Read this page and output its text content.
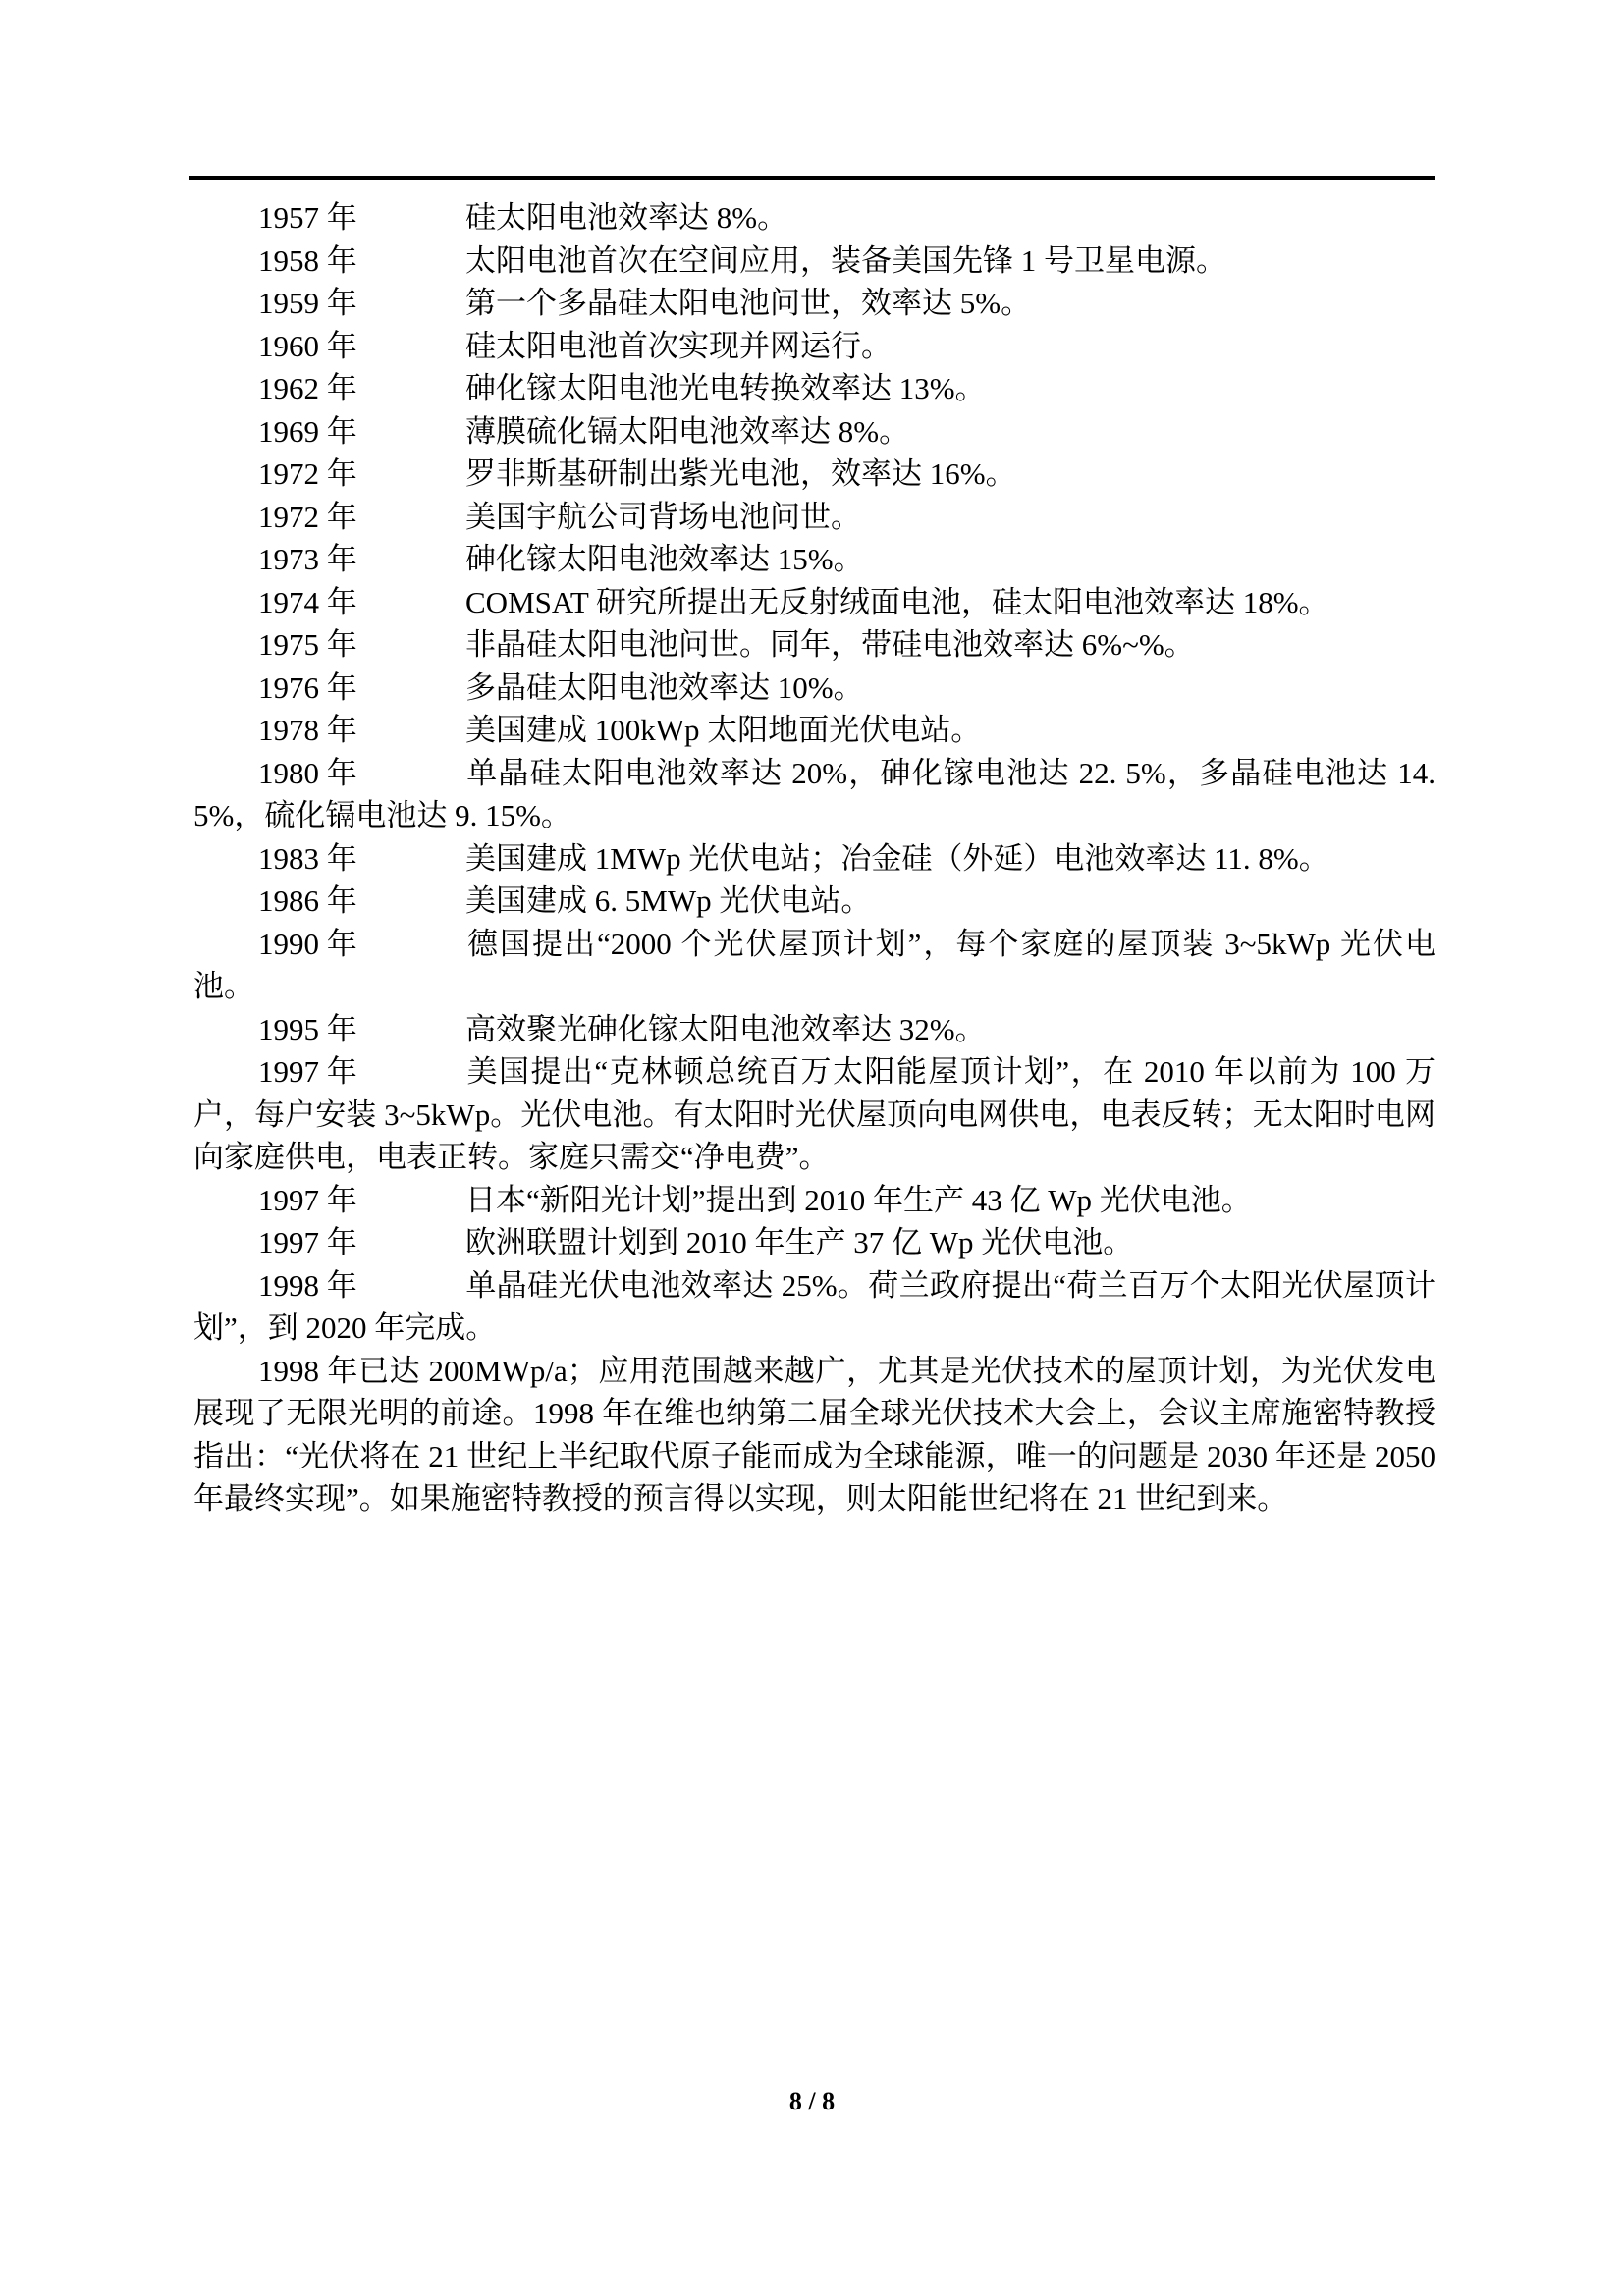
1957 年	硅太阳电池效率达 8%。

1958 年	太阳电池首次在空间应用，装备美国先锋 1 号卫星电源。

1959 年	第一个多晶硅太阳电池问世，效率达 5%。

1960 年	硅太阳电池首次实现并网运行。

1962 年	砷化镓太阳电池光电转换效率达 13%。

1969 年	薄膜硫化镉太阳电池效率达 8%。

1972 年	罗非斯基研制出紫光电池，效率达 16%。

1972 年	美国宇航公司背场电池问世。

1973 年	砷化镓太阳电池效率达 15%。

1974 年	COMSAT 研究所提出无反射绒面电池，硅太阳电池效率达 18%。

1975 年	非晶硅太阳电池问世。同年，带硅电池效率达 6%~%。

1976 年	多晶硅太阳电池效率达 10%。

1978 年	美国建成 100kWp 太阳地面光伏电站。

1980 年	单晶硅太阳电池效率达 20%，砷化镓电池达 22. 5%，多晶硅电池达 14. 5%，硫化镉电池达 9. 15%。

1983 年	美国建成 1MWp 光伏电站；冶金硅（外延）电池效率达 11. 8%。

1986 年	美国建成 6. 5MWp 光伏电站。

1990 年	德国提出“2000 个光伏屋顶计划”，每个家庭的屋顶装 3~5kWp 光伏电池。

1995 年	高效聚光砷化镓太阳电池效率达 32%。

1997 年	美国提出“克林顿总统百万太阳能屋顶计划”，在 2010 年以前为 100 万户，每户安装 3~5kWp。光伏电池。有太阳时光伏屋顶向电网供电，电表反转；无太阳时电网向家庭供电，电表正转。家庭只需交“净电费”。

1997 年	日本“新阳光计划”提出到 2010 年生产 43 亿 Wp 光伏电池。

1997 年	欧洲联盟计划到 2010 年生产 37 亿 Wp 光伏电池。

1998 年	单晶硅光伏电池效率达 25%。荷兰政府提出“荷兰百万个太阳光伏屋顶计划”，到 2020 年完成。

1998 年已达 200MWp/a；应用范围越来越广，尤其是光伏技术的屋顶计划，为光伏发电展现了无限光明的前途。1998 年在维也纳第二届全球光伏技术大会上，会议主席施密特教授指出：“光伏将在 21 世纪上半纪取代原子能而成为全球能源，唯一的问题是 2030 年还是 2050 年最终实现”。如果施密特教授的预言得以实现，则太阳能世纪将在 21 世纪到来。

8 / 8
